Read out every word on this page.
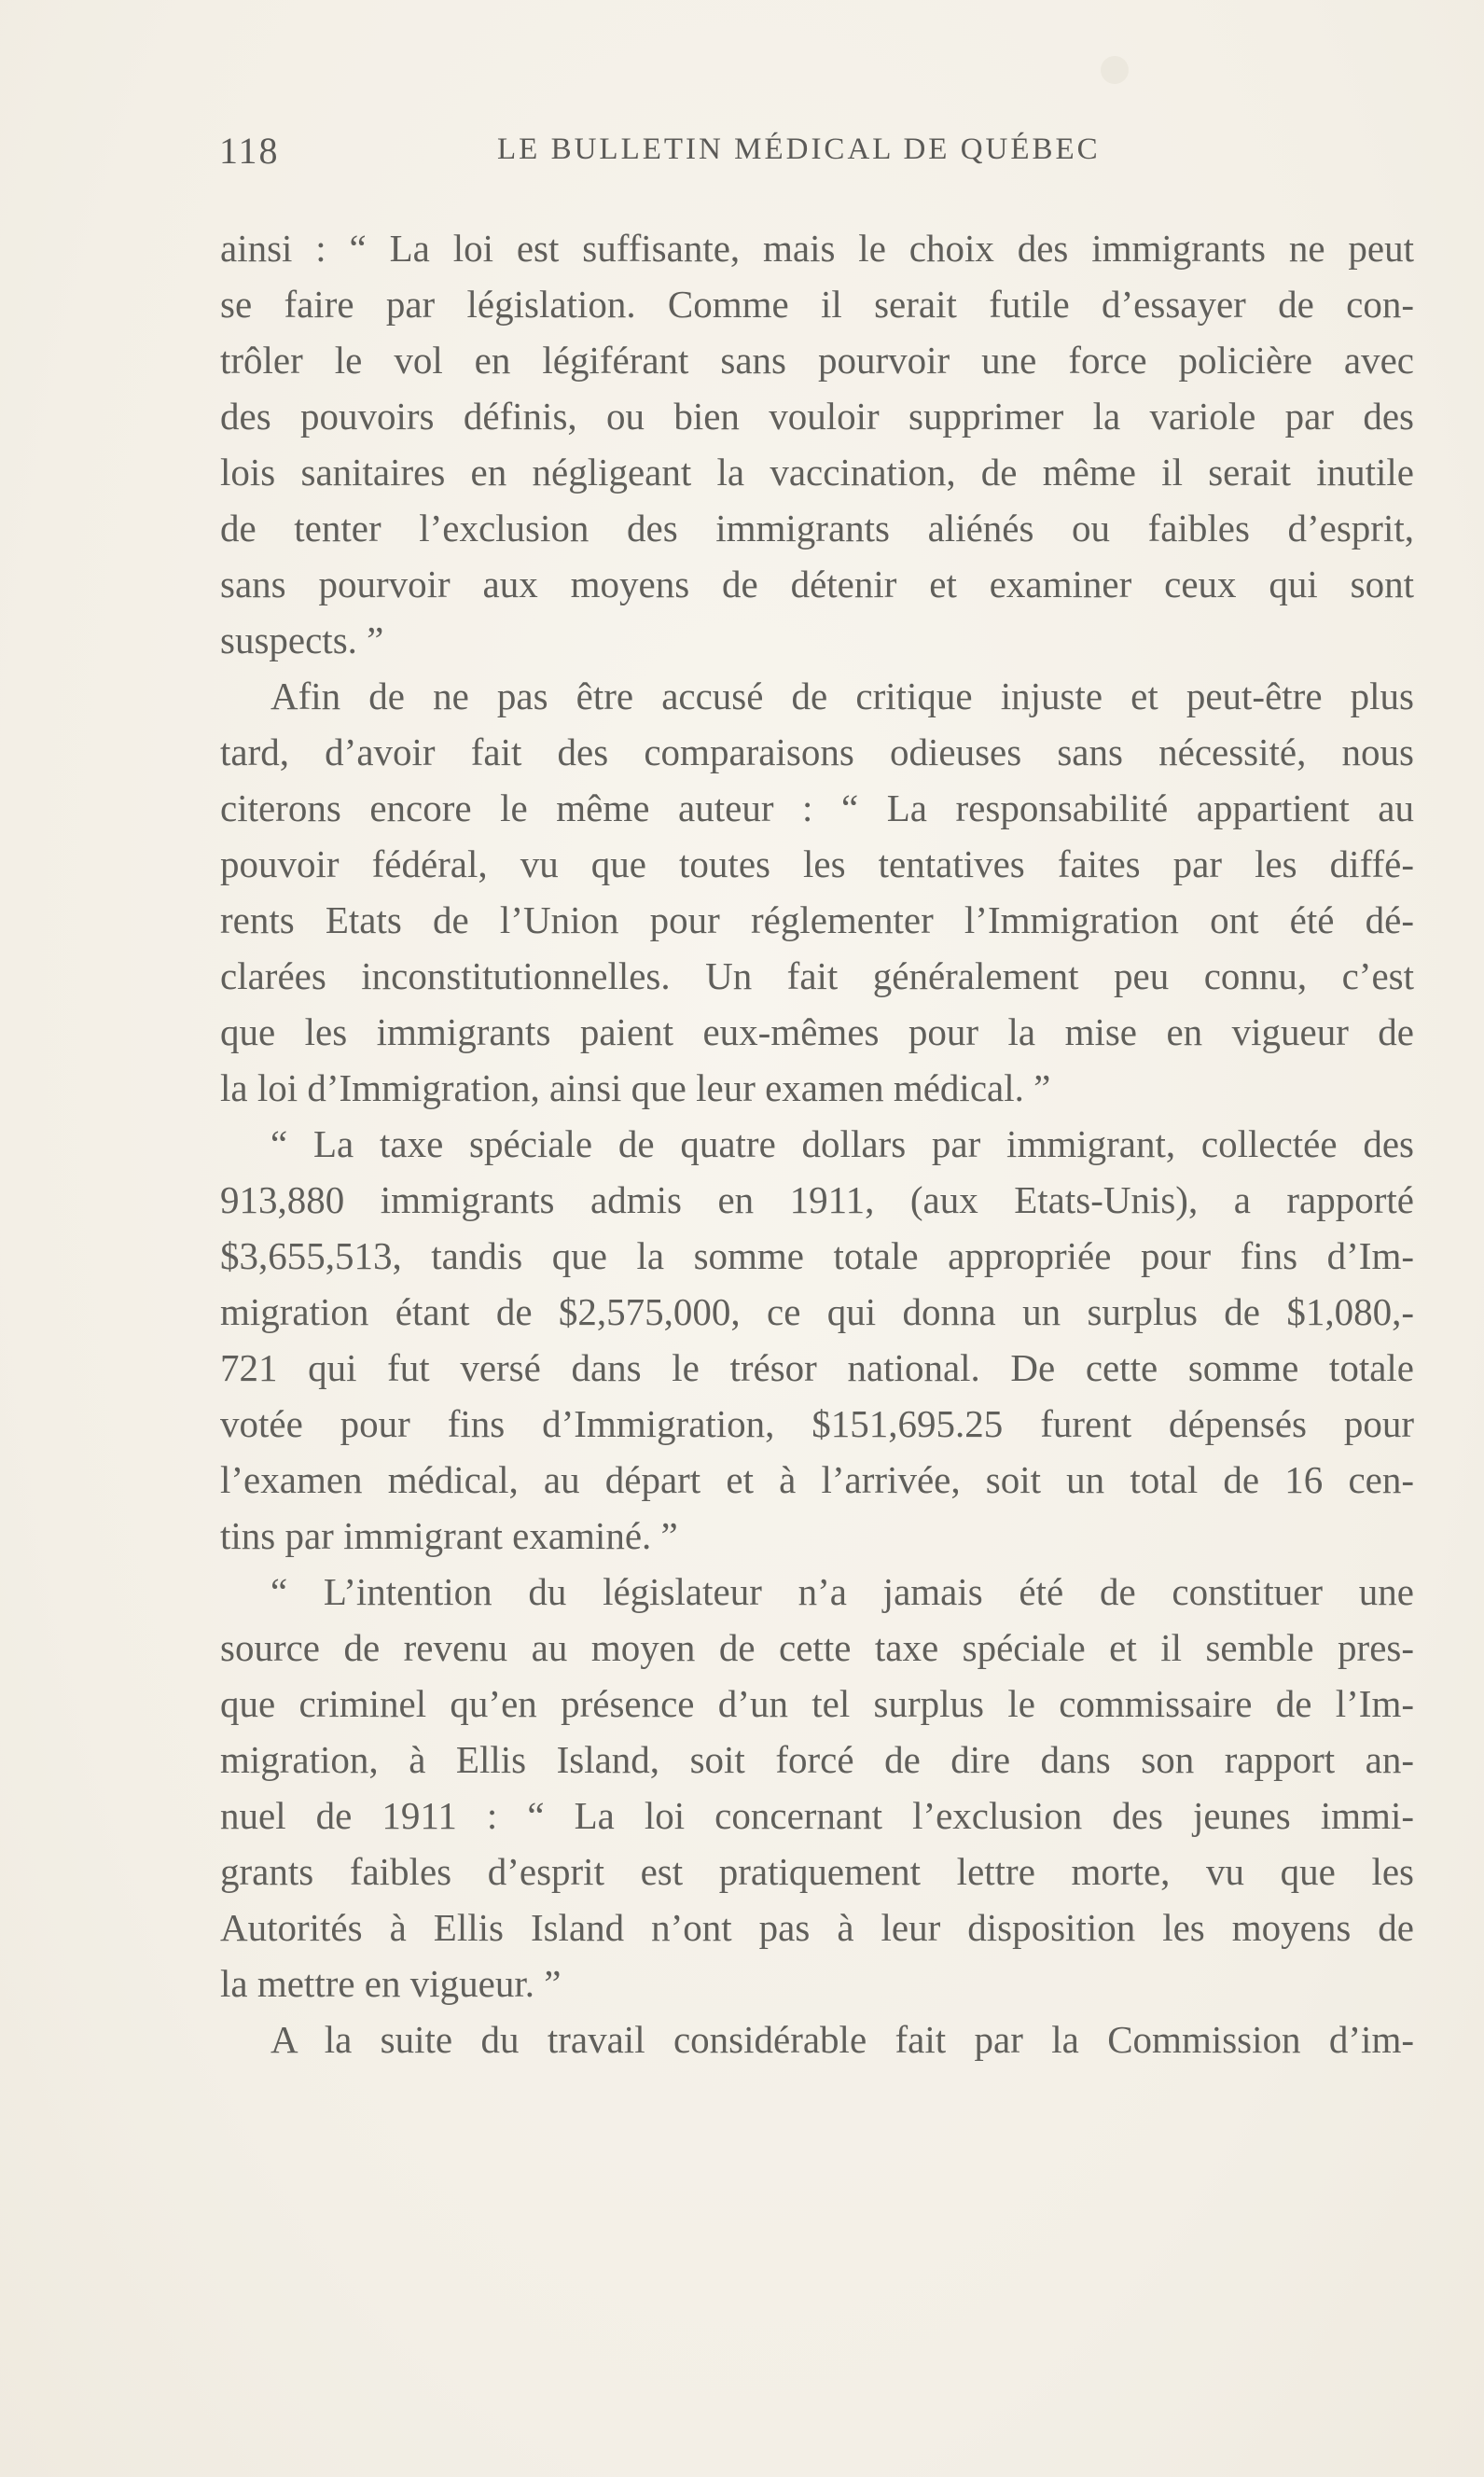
118	LE BULLETIN MÉDICAL DE QUÉBEC
ainsi : “ La loi est suffisante, mais le choix des immigrants ne peut
se faire par législation. Comme il serait futile d’essayer de con-
trôler le vol en légiférant sans pourvoir une force policière avec
des pouvoirs définis, ou bien vouloir supprimer la variole par des
lois sanitaires en négligeant la vaccination, de même il serait inutile
de tenter l’exclusion des immigrants aliénés ou faibles d’esprit,
sans pourvoir aux moyens de détenir et examiner ceux qui sont
suspects. ”
Afin de ne pas être accusé de critique injuste et peut-être plus
tard, d’avoir fait des comparaisons odieuses sans nécessité, nous
citerons encore le même auteur : “ La responsabilité appartient au
pouvoir fédéral, vu que toutes les tentatives faites par les diffé-
rents Etats de l’Union pour réglementer l’Immigration ont été dé-
clarées inconstitutionnelles. Un fait généralement peu connu, c’est
que les immigrants paient eux-mêmes pour la mise en vigueur de
la loi d’Immigration, ainsi que leur examen médical. ”
“ La taxe spéciale de quatre dollars par immigrant, collectée des
913,880 immigrants admis en 1911, (aux Etats-Unis), a rapporté
$3,655,513, tandis que la somme totale appropriée pour fins d’Im-
migration étant de $2,575,000, ce qui donna un surplus de $1,080,-
721 qui fut versé dans le trésor national. De cette somme totale
votée pour fins d’Immigration, $151,695.25 furent dépensés pour
l’examen médical, au départ et à l’arrivée, soit un total de 16 cen-
tins par immigrant examiné. ”
“ L’intention du législateur n’a jamais été de constituer une
source de revenu au moyen de cette taxe spéciale et il semble pres-
que criminel qu’en présence d’un tel surplus le commissaire de l’Im-
migration, à Ellis Island, soit forcé de dire dans son rapport an-
nuel de 1911 : “ La loi concernant l’exclusion des jeunes immi-
grants faibles d’esprit est pratiquement lettre morte, vu que les
Autorités à Ellis Island n’ont pas à leur disposition les moyens de
la mettre en vigueur. ”
A la suite du travail considérable fait par la Commission d’im-
